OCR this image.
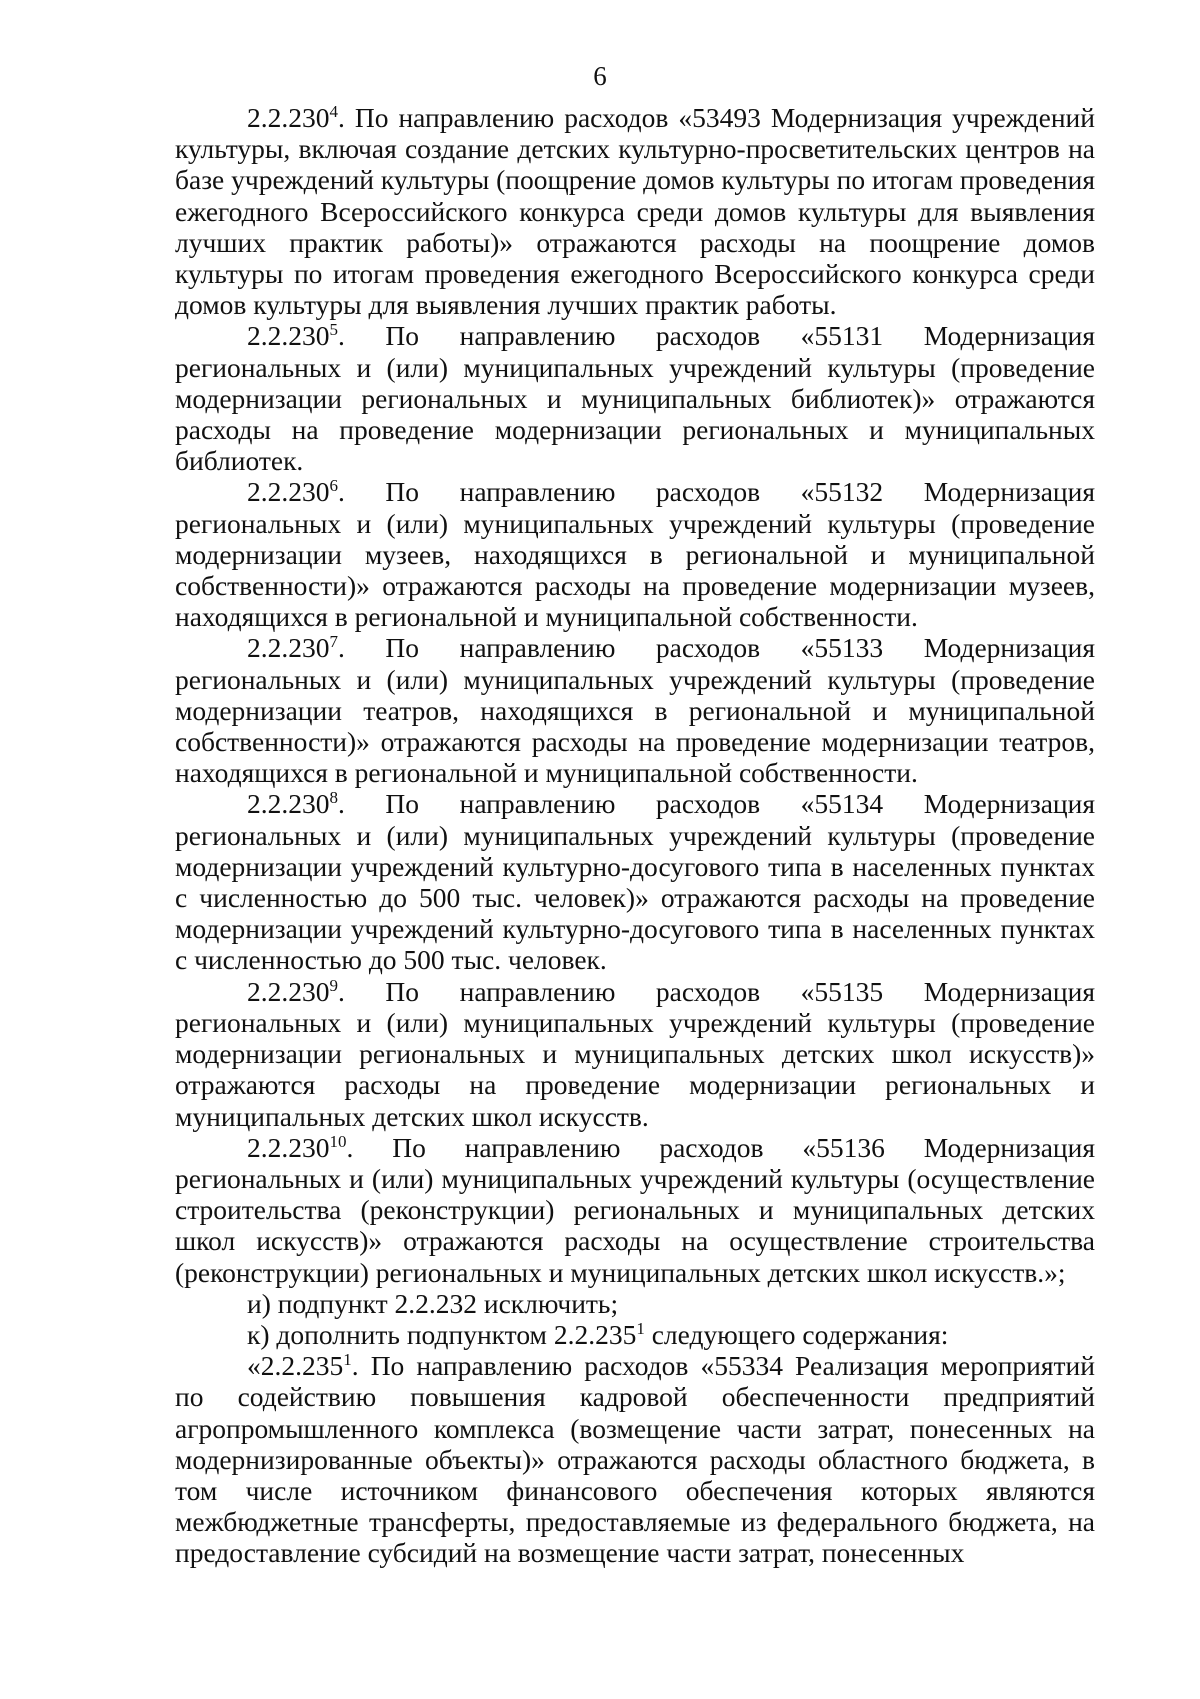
6

2.2.230$^4$. По направлению расходов «53493 Модернизация учреждений культуры, включая создание детских культурно-просветительских центров на базе учреждений культуры (поощрение домов культуры по итогам проведения ежегодного Всероссийского конкурса среди домов культуры для выявления лучших практик работы)» отражаются расходы на поощрение домов культуры по итогам проведения ежегодного Всероссийского конкурса среди домов культуры для выявления лучших практик работы.

2.2.230$^5$. По направлению расходов «55131 Модернизация региональных и (или) муниципальных учреждений культуры (проведение модернизации региональных и муниципальных библиотек)» отражаются расходы на проведение модернизации региональных и муниципальных библиотек.

2.2.230$^6$. По направлению расходов «55132 Модернизация региональных и (или) муниципальных учреждений культуры (проведение модернизации музеев, находящихся в региональной и муниципальной собственности)» отражаются расходы на проведение модернизации музеев, находящихся в региональной и муниципальной собственности.

2.2.230$^7$. По направлению расходов «55133 Модернизация региональных и (или) муниципальных учреждений культуры (проведение модернизации театров, находящихся в региональной и муниципальной собственности)» отражаются расходы на проведение модернизации театров, находящихся в региональной и муниципальной собственности.

2.2.230$^8$. По направлению расходов «55134 Модернизация региональных и (или) муниципальных учреждений культуры (проведение модернизации учреждений культурно-досугового типа в населенных пунктах с численностью до 500 тыс. человек)» отражаются расходы на проведение модернизации учреждений культурно-досугового типа в населенных пунктах с численностью до 500 тыс. человек.

2.2.230$^9$. По направлению расходов «55135 Модернизация региональных и (или) муниципальных учреждений культуры (проведение модернизации региональных и муниципальных детских школ искусств)» отражаются расходы на проведение модернизации региональных и муниципальных детских школ искусств.

2.2.230$^{10}$. По направлению расходов «55136 Модернизация региональных и (или) муниципальных учреждений культуры (осуществление строительства (реконструкции) региональных и муниципальных детских школ искусств)» отражаются расходы на осуществление строительства (реконструкции) региональных и муниципальных детских школ искусств.»;

и) подпункт 2.2.232 исключить;

к) дополнить подпунктом 2.2.235$^1$ следующего содержания:

«2.2.235$^1$. По направлению расходов «55334 Реализация мероприятий по содействию повышения кадровой обеспеченности предприятий агропромышленного комплекса (возмещение части затрат, понесенных на модернизированные объекты)» отражаются расходы областного бюджета, в том числе источником финансового обеспечения которых являются межбюджетные трансферты, предоставляемые из федерального бюджета, на предоставление субсидий на возмещение части затрат, понесенных
